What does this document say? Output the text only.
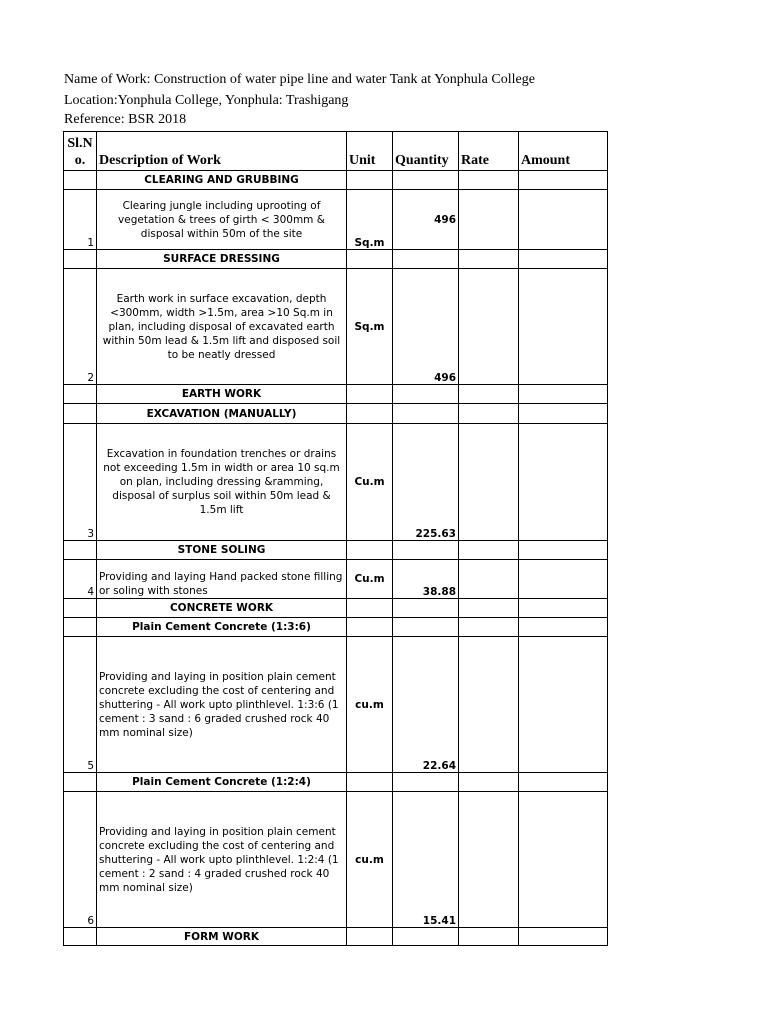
Name of Work: Construction of water pipe line and water Tank at Yonphula College
Location:Yonphula College, Yonphula: Trashigang
Reference: BSR 2018
Sl.N
o.	Description of Work	Unit	Quantity	Rate	Amount
	CLEARING AND GRUBBING				
1	Clearing jungle including uprooting of vegetation & trees of girth < 300mm & disposal within 50m of the site	Sq.m	496		
	SURFACE DRESSING				
2	Earth work in surface excavation, depth <300mm, width >1.5m, area >10 Sq.m in plan, including disposal of excavated earth within 50m lead & 1.5m lift and disposed soil to be neatly dressed	Sq.m	496		
	EARTH WORK				
	EXCAVATION (MANUALLY)				
3	Excavation in foundation trenches or drains not exceeding 1.5m in width or area 10 sq.m on plan, including dressing &ramming, disposal of surplus soil within 50m lead & 1.5m lift	Cu.m	225.63		
	STONE SOLING				
4	Providing and laying Hand packed stone filling or soling with stones	Cu.m	38.88		
	CONCRETE WORK				
	Plain Cement Concrete (1:3:6)				
5	Providing and laying in position plain cement concrete excluding the cost of centering and shuttering - All work upto plinthlevel. 1:3:6 (1 cement : 3 sand : 6 graded crushed rock 40 mm nominal size)	cu.m	22.64		
	Plain Cement Concrete (1:2:4)				
6	Providing and laying in position plain cement concrete excluding the cost of centering and shuttering - All work upto plinthlevel. 1:2:4 (1 cement : 2 sand : 4 graded crushed rock 40 mm nominal size)	cu.m	15.41		
	FORM WORK				
